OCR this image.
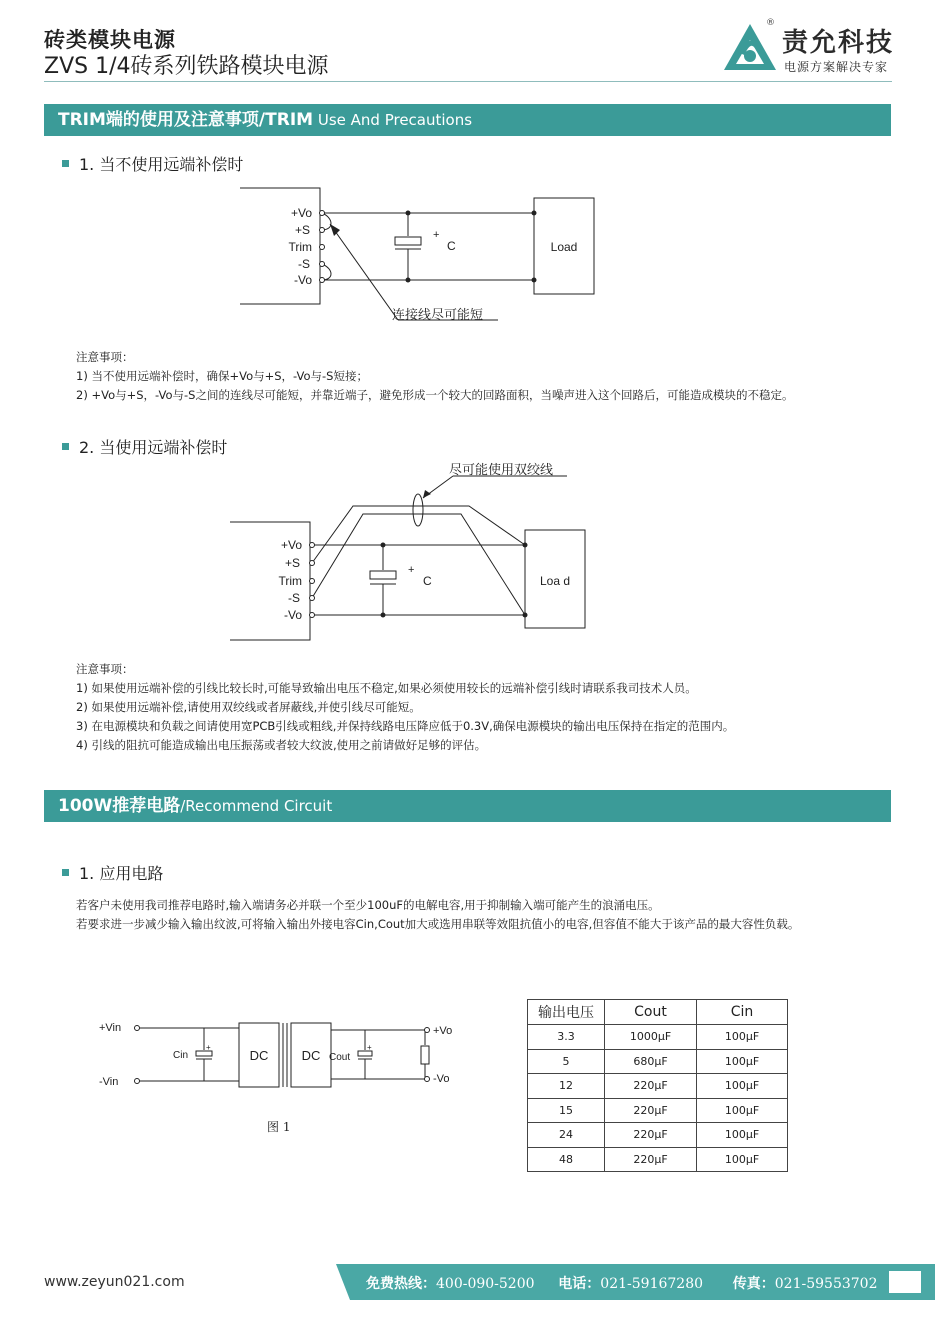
砖类模块电源
ZVS 1/4砖系列铁路模块电源
®
责允科技
电源方案解决专家
TRIM端的使用及注意事项/TRIM Use And Precautions
1. 当不使用远端补偿时
+Vo
+S
Trim
-S
-Vo
+
C	Load
连接线尽可能短
注意事项：
1) 当不使用远端补偿时，确保+Vo与+S，-Vo与-S短接；
2) +Vo与+S，-Vo与-S之间的连线尽可能短，并靠近端子，避免形成一个较大的回路面积，当噪声进入这个回路后，可能造成模块的不稳定。
2. 当使用远端补偿时
+Vo
+S
Trim
-S
-Vo
+
C	Loa d
尽可能使用双绞线
注意事项：
1) 如果使用远端补偿的引线比较长时,可能导致输出电压不稳定,如果必须使用较长的远端补偿引线时请联系我司技术人员。
2) 如果使用远端补偿,请使用双绞线或者屏蔽线,并使引线尽可能短。
3) 在电源模块和负载之间请使用宽PCB引线或粗线,并保持线路电压降应低于0.3V,确保电源模块的输出电压保持在指定的范围内。
4) 引线的阻抗可能造成输出电压振荡或者较大纹波,使用之前请做好足够的评估。
100W推荐电路/Recommend Circuit
1. 应用电路
若客户未使用我司推荐电路时,输入端请务必并联一个至少100uF的电解电容,用于抑制输入端可能产生的浪涌电压。
若要求进一步减少输入输出纹波,可将输入输出外接电容Cin,Cout加大或选用串联等效阻抗值小的电容,但容值不能大于该产品的最大容性负载。
+Vin
-Vin
Cin	DC	DC Cout
+Vo
-Vo
图 1
+	+
输出电压	Cout	Cin
3.3	1000μF	100μF
5	680μF	100μF
12	220μF	100μF
15	220μF	100μF
24	220μF	100μF
48	220μF	100μF
www.zeyun021.com	免费热线：400-090-5200 电话：021-59167280 传真：021-59553702
